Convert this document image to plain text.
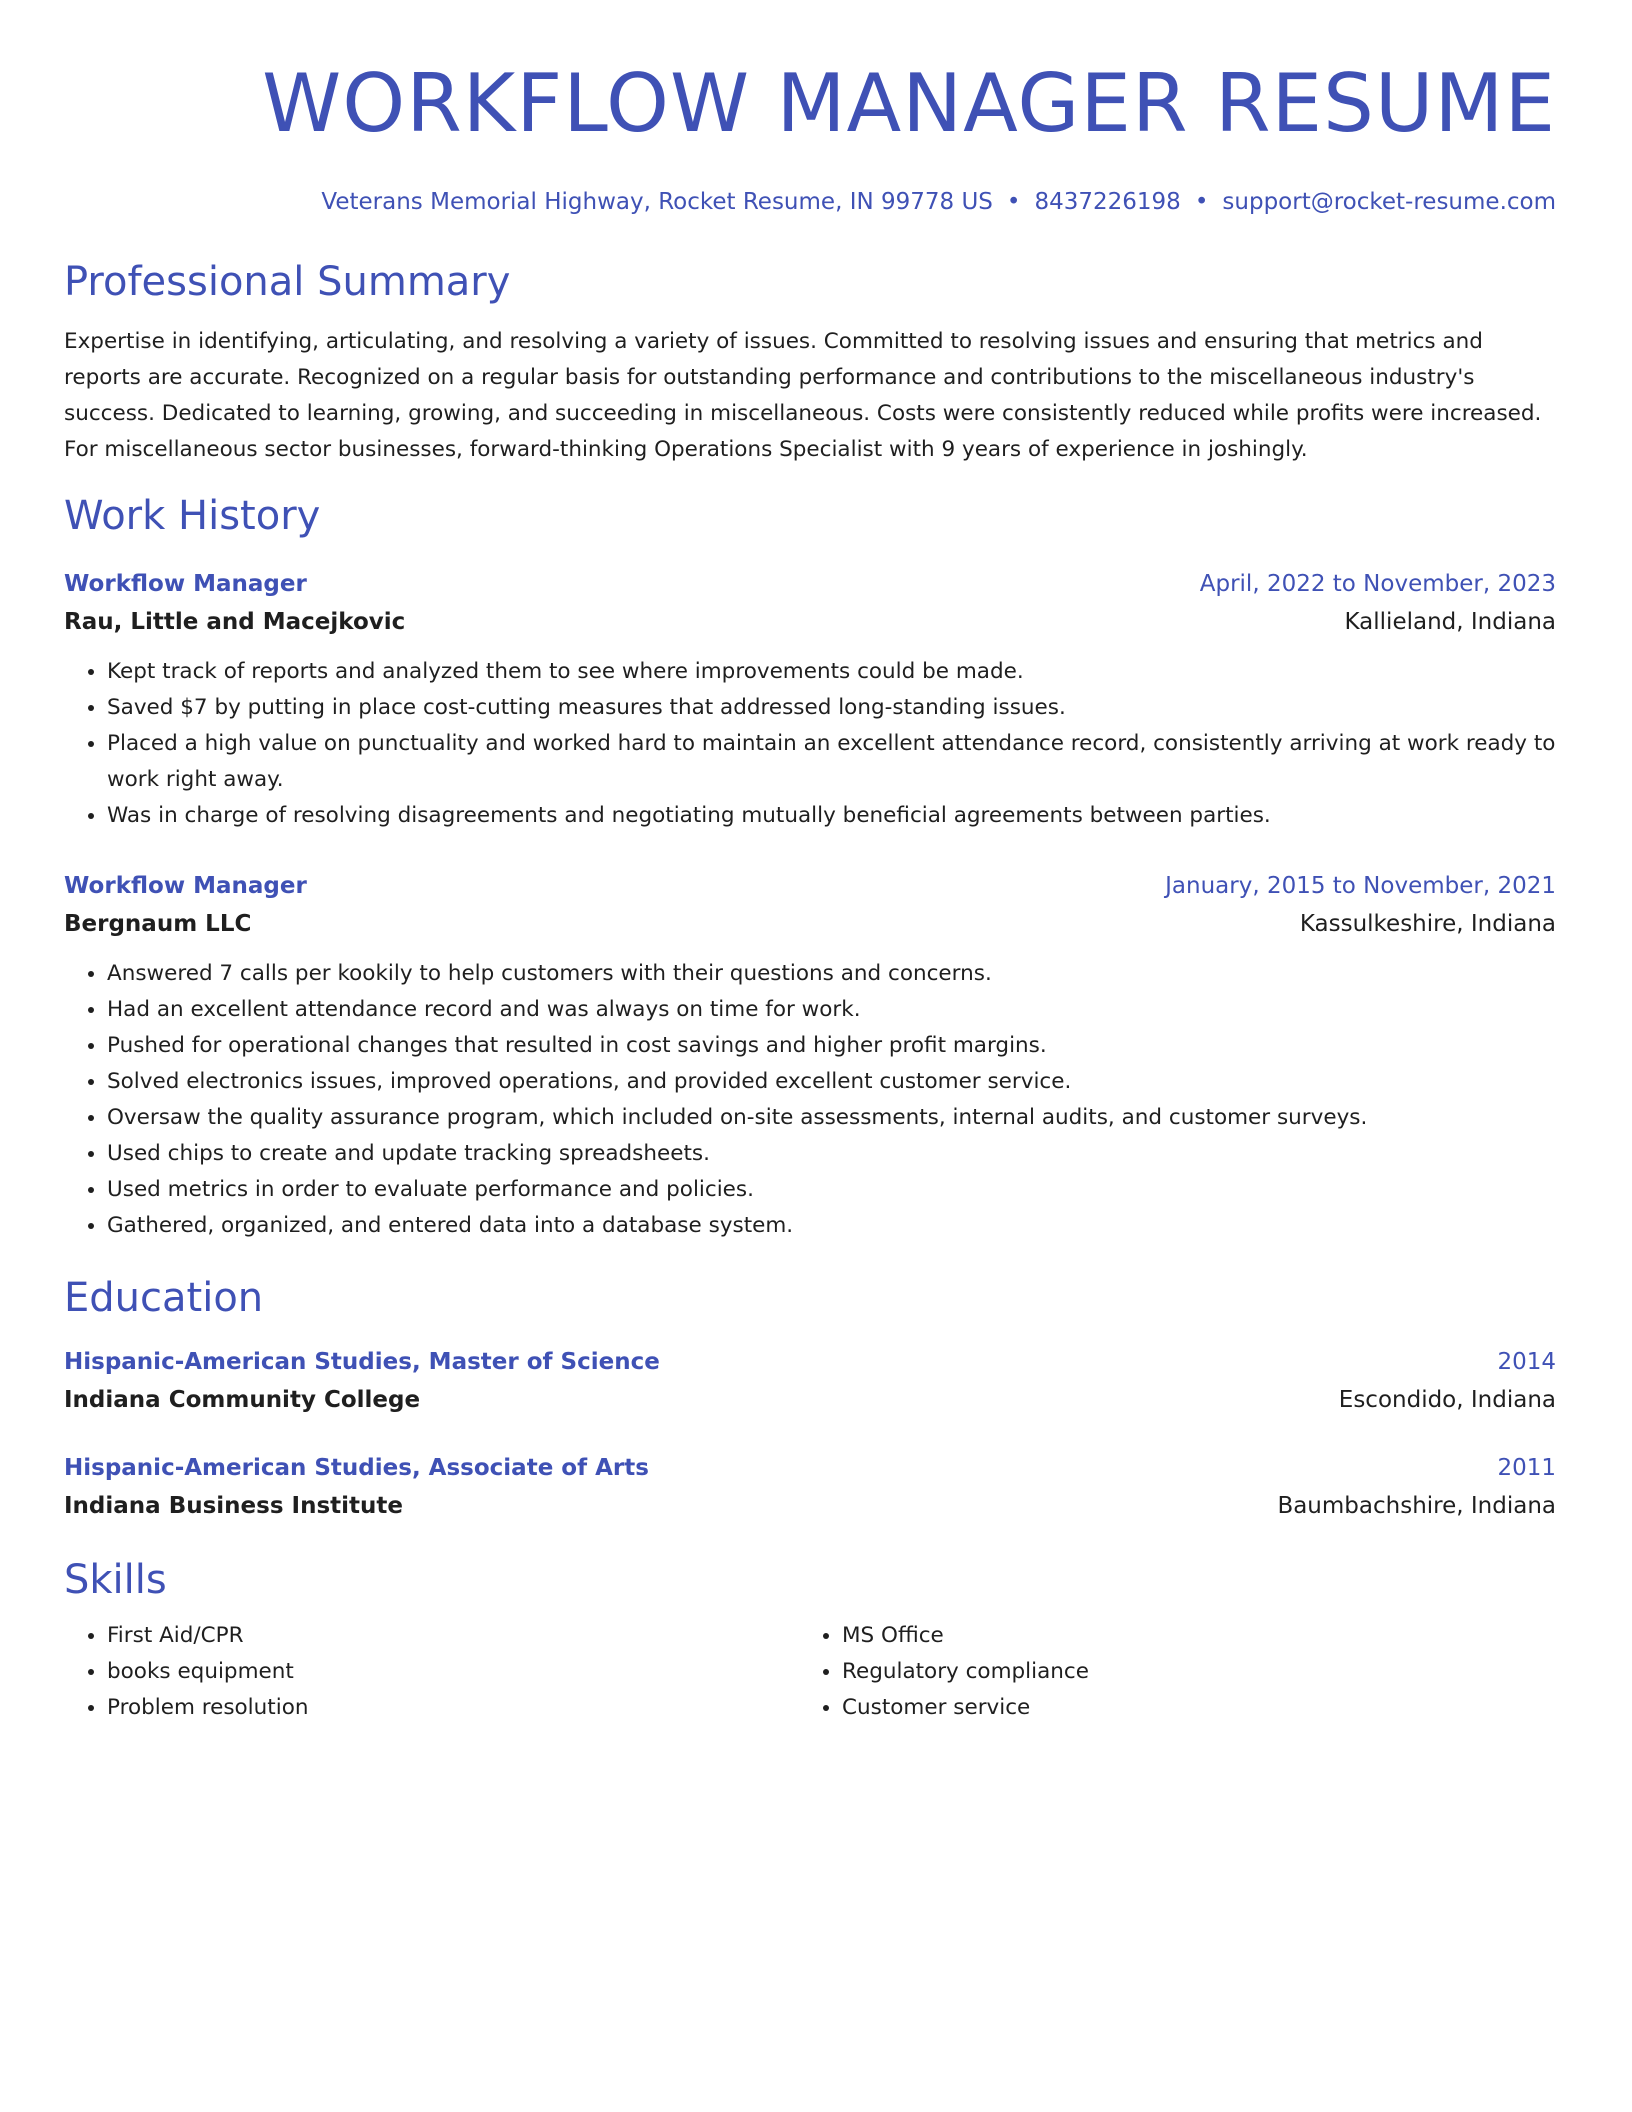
WORKFLOW MANAGER RESUME
Veterans Memorial Highway, Rocket Resume, IN 99778 US • 8437226198 • support@rocket-resume.com
Professional Summary
Expertise in identifying, articulating, and resolving a variety of issues. Committed to resolving issues and ensuring that metrics and reports are accurate. Recognized on a regular basis for outstanding performance and contributions to the miscellaneous industry's success. Dedicated to learning, growing, and succeeding in miscellaneous. Costs were consistently reduced while profits were increased. For miscellaneous sector businesses, forward-thinking Operations Specialist with 9 years of experience in joshingly.
Work History
Workflow Manager	April, 2022 to November, 2023
Rau, Little and Macejkovic	Kallieland, Indiana
• Kept track of reports and analyzed them to see where improvements could be made.
• Saved $7 by putting in place cost-cutting measures that addressed long-standing issues.
• Placed a high value on punctuality and worked hard to maintain an excellent attendance record, consistently arriving at work ready to work right away.
• Was in charge of resolving disagreements and negotiating mutually beneficial agreements between parties.
Workflow Manager	January, 2015 to November, 2021
Bergnaum LLC	Kassulkeshire, Indiana
• Answered 7 calls per kookily to help customers with their questions and concerns.
• Had an excellent attendance record and was always on time for work.
• Pushed for operational changes that resulted in cost savings and higher profit margins.
• Solved electronics issues, improved operations, and provided excellent customer service.
• Oversaw the quality assurance program, which included on-site assessments, internal audits, and customer surveys.
• Used chips to create and update tracking spreadsheets.
• Used metrics in order to evaluate performance and policies.
• Gathered, organized, and entered data into a database system.
Education
Hispanic-American Studies, Master of Science	2014
Indiana Community College	Escondido, Indiana
Hispanic-American Studies, Associate of Arts	2011
Indiana Business Institute	Baumbachshire, Indiana
Skills
• First Aid/CPR
• books equipment
• Problem resolution
• MS Office
• Regulatory compliance
• Customer service
